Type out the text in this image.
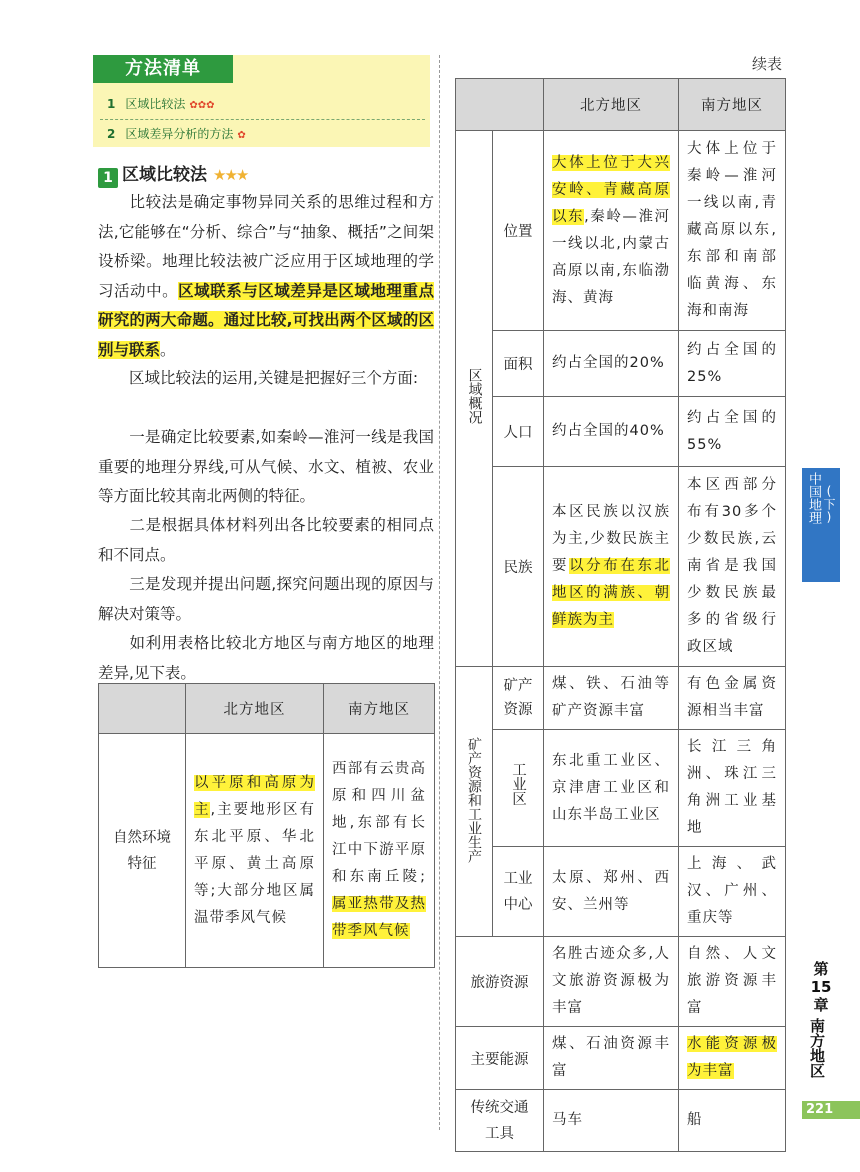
方法清单
1 区域比较法 ✿✿✿
2 区域差异分析的方法 ✿
1 区域比较法 ★★★
比较法是确定事物异同关系的思维过程和方法,它能够在“分析、综合”与“抽象、概括”之间架设桥梁。地理比较法被广泛应用于区域地理的学习活动中。区域联系与区域差异是区域地理重点研究的两大命题。通过比较,可找出两个区域的区别与联系。
区域比较法的运用,关键是把握好三个方面:
一是确定比较要素,如秦岭—淮河一线是我国重要的地理分界线,可从气候、水文、植被、农业等方面比较其南北两侧的特征。
二是根据具体材料列出各比较要素的相同点和不同点。
三是发现并提出问题,探究问题出现的原因与解决对策等。
如利用表格比较北方地区与南方地区的地理差异,见下表。
	北方地区	南方地区
自然环境特征	以平原和高原为主,主要地形区有东北平原、华北平原、黄土高原等;大部分地区属温带季风气候	西部有云贵高原和四川盆地,东部有长江中下游平原和东南丘陵;属亚热带及热带季风气候
续表
		北方地区	南方地区
区域概况	位置	大体上位于大兴安岭、青藏高原以东,秦岭—淮河一线以北,内蒙古高原以南,东临渤海、黄海	大体上位于秦岭—淮河一线以南,青藏高原以东,东部和南部临黄海、东海和南海
	面积	约占全国的20%	约占全国的25%
	人口	约占全国的40%	约占全国的55%
	民族	本区民族以汉族为主,少数民族主要以分布在东北地区的满族、朝鲜族为主	本区西部分布有30多个少数民族,云南省是我国少数民族最多的省级行政区域
矿产资源和工业生产	矿产资源	煤、铁、石油等矿产资源丰富	有色金属资源相当丰富
	工业区	东北重工业区、京津唐工业区和山东半岛工业区	长江三角洲、珠江三角洲工业基地
	工业中心	太原、郑州、西安、兰州等	上海、武汉、广州、重庆等
旅游资源		名胜古迹众多,人文旅游资源极为丰富	自然、人文旅游资源丰富
主要能源		煤、石油资源丰富	水能资源极为丰富
传统交通工具		马车	船
中国地理(下)
第
15
章
南方地区
221
